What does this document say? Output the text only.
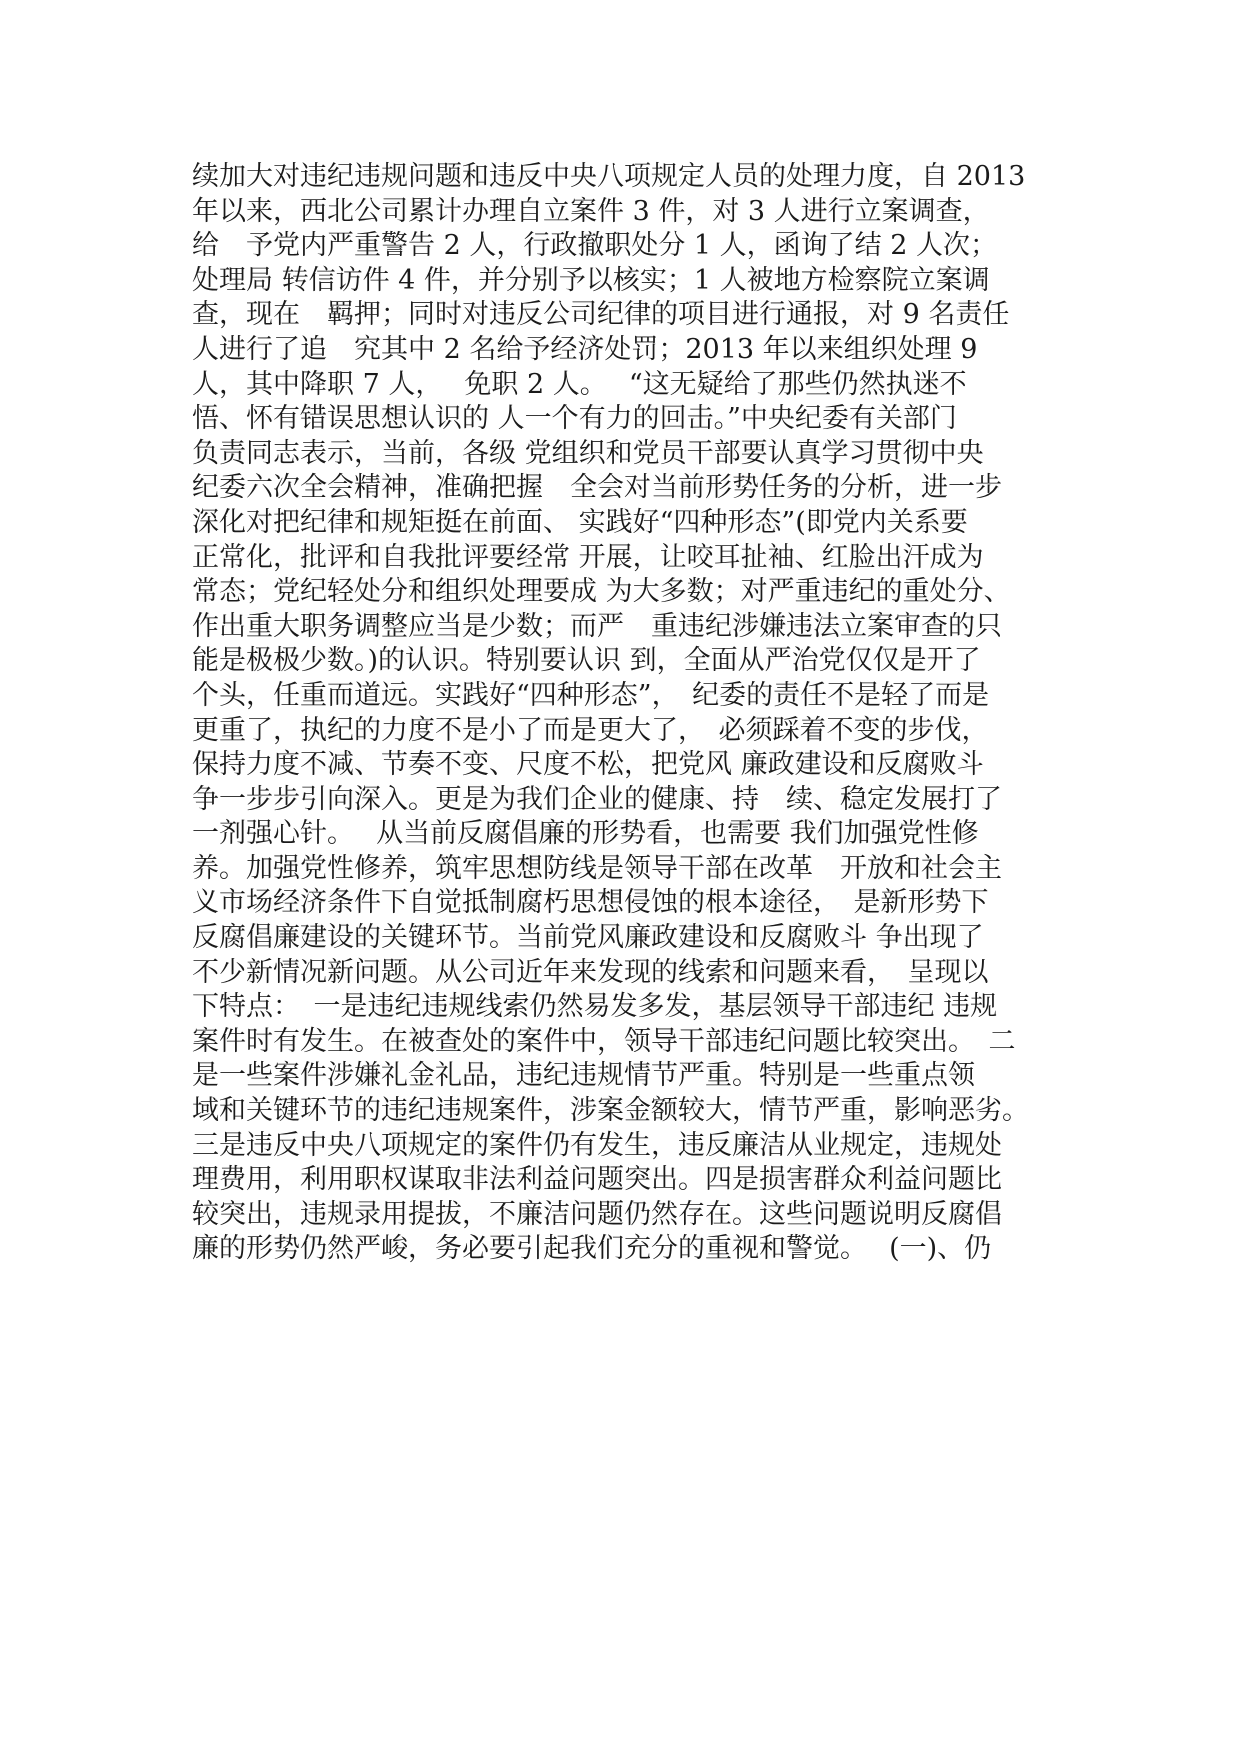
续加大对违纪违规问题和违反中央八项规定人员的处理力度，自 2013
年以来，西北公司累计办理自立案件 3 件，对 3 人进行立案调查，
给　予党内严重警告 2 人，行政撤职处分 1 人，函询了结 2 人次；
处理局 转信访件 4 件，并分别予以核实；1 人被地方检察院立案调
查，现在　羁押；同时对违反公司纪律的项目进行通报，对 9 名责任
人进行了追　究其中 2 名给予经济处罚；2013 年以来组织处理 9
人，其中降职 7 人，　 免职 2 人。　 “这无疑给了那些仍然执迷不
悟、怀有错误思想认识的 人一个有力的回击。”中央纪委有关部门
负责同志表示，当前，各级 党组织和党员干部要认真学习贯彻中央
纪委六次全会精神，准确把握　全会对当前形势任务的分析，进一步
深化对把纪律和规矩挺在前面、 实践好“四种形态”(即党内关系要
正常化，批评和自我批评要经常 开展，让咬耳扯袖、红脸出汗成为
常态；党纪轻处分和组织处理要成 为大多数；对严重违纪的重处分、
作出重大职务调整应当是少数；而严　重违纪涉嫌违法立案审查的只
能是极极少数。)的认识。特别要认识 到，全面从严治党仅仅是开了
个头，任重而道远。实践好“四种形态”，　纪委的责任不是轻了而是
更重了，执纪的力度不是小了而是更大了，　必须踩着不变的步伐，
保持力度不减、节奏不变、尺度不松，把党风 廉政建设和反腐败斗
争一步步引向深入。更是为我们企业的健康、持　续、稳定发展打了
一剂强心针。　 从当前反腐倡廉的形势看，也需要 我们加强党性修
养。加强党性修养，筑牢思想防线是领导干部在改革　开放和社会主
义市场经济条件下自觉抵制腐朽思想侵蚀的根本途径，　是新形势下
反腐倡廉建设的关键环节。当前党风廉政建设和反腐败斗 争出现了
不少新情况新问题。从公司近年来发现的线索和问题来看，　呈现以
下特点：　一是违纪违规线索仍然易发多发，基层领导干部违纪 违规
案件时有发生。在被查处的案件中，领导干部违纪问题比较突出。　二
是一些案件涉嫌礼金礼品，违纪违规情节严重。特别是一些重点领
域和关键环节的违纪违规案件，涉案金额较大，情节严重，影响恶劣。
三是违反中央八项规定的案件仍有发生，违反廉洁从业规定，违规处
理费用，利用职权谋取非法利益问题突出。四是损害群众利益问题比
较突出，违规录用提拔，不廉洁问题仍然存在。这些问题说明反腐倡
廉的形势仍然严峻，务必要引起我们充分的重视和警觉。　 (一)、仍
